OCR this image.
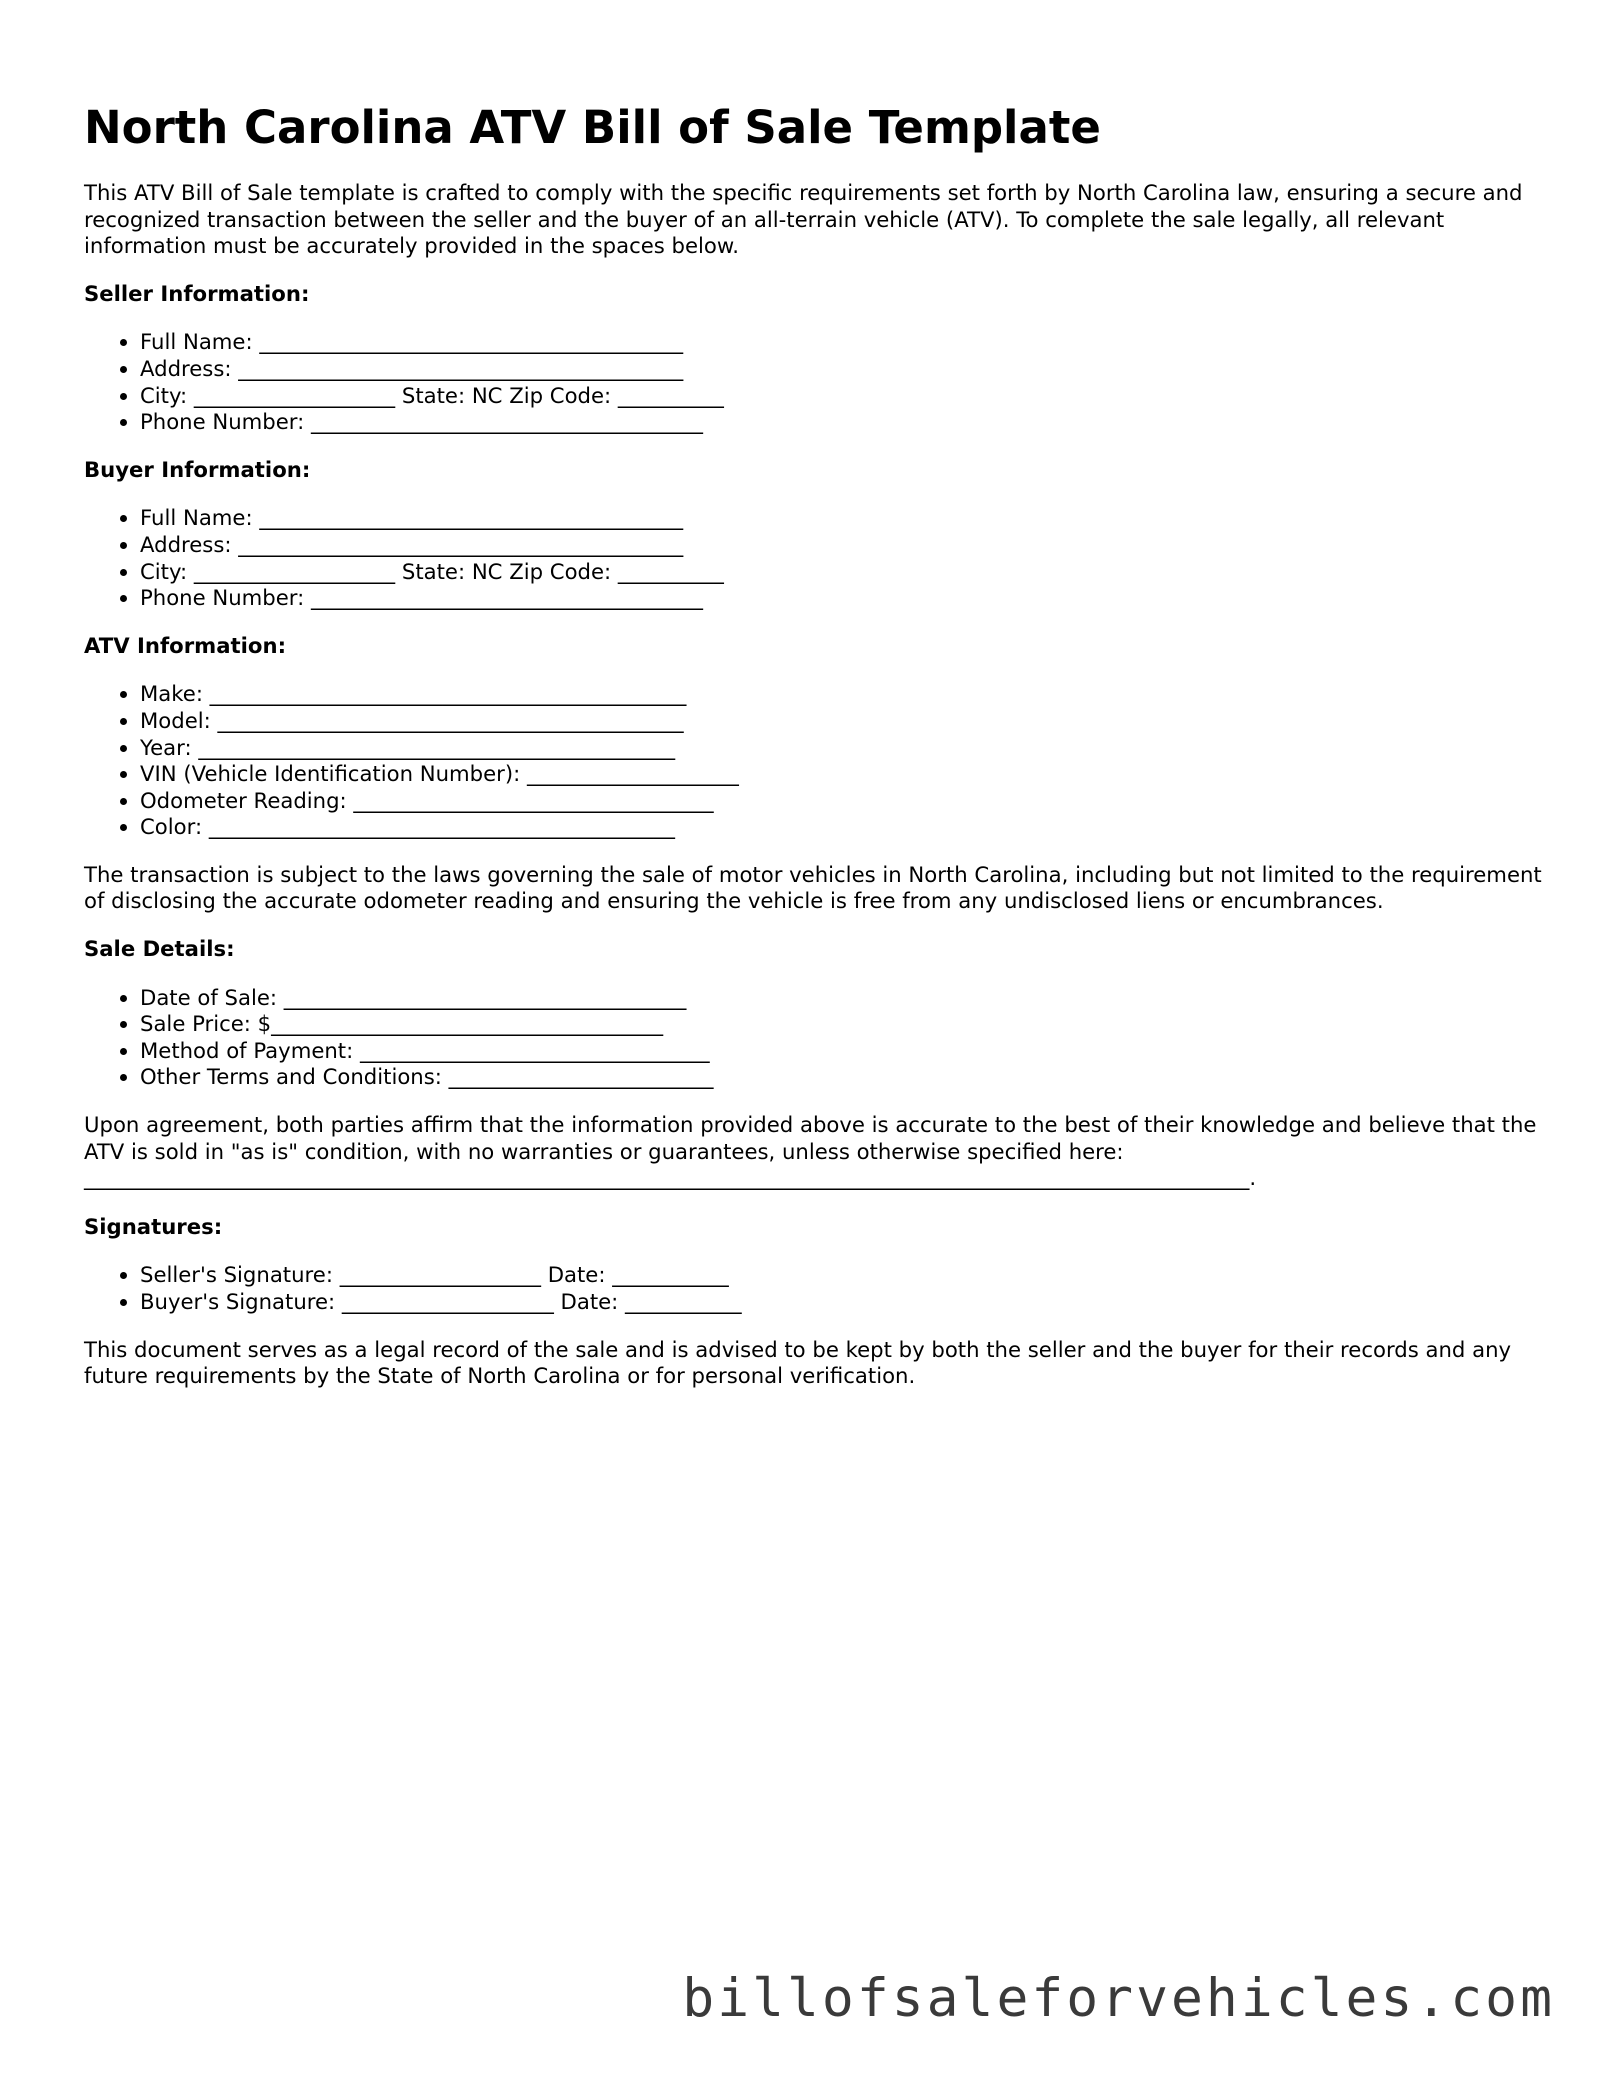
North Carolina ATV Bill of Sale Template

This ATV Bill of Sale template is crafted to comply with the specific requirements set forth by North Carolina law, ensuring a secure and recognized transaction between the seller and the buyer of an all-terrain vehicle (ATV). To complete the sale legally, all relevant information must be accurately provided in the spaces below.

Seller Information:
• Full Name: ________________________________________
• Address: __________________________________________
• City: ___________________ State: NC Zip Code: __________
• Phone Number: _____________________________________
Buyer Information:
• Full Name: ________________________________________
• Address: __________________________________________
• City: ___________________ State: NC Zip Code: __________
• Phone Number: _____________________________________
ATV Information:
• Make: _____________________________________________
• Model: ____________________________________________
• Year: _____________________________________________
• VIN (Vehicle Identification Number): ____________________
• Odometer Reading: __________________________________
• Color: ____________________________________________

The transaction is subject to the laws governing the sale of motor vehicles in North Carolina, including but not limited to the requirement of disclosing the accurate odometer reading and ensuring the vehicle is free from any undisclosed liens or encumbrances.

Sale Details:
• Date of Sale: ______________________________________
• Sale Price: $_____________________________________
• Method of Payment: _________________________________
• Other Terms and Conditions: _________________________

Upon agreement, both parties affirm that the information provided above is accurate to the best of their knowledge and believe that the ATV is sold in "as is" condition, with no warranties or guarantees, unless otherwise specified here:
______________________________________________________________________________________________________________.

Signatures:
• Seller's Signature: ___________________ Date: ___________
• Buyer's Signature: ____________________ Date: ___________

This document serves as a legal record of the sale and is advised to be kept by both the seller and the buyer for their records and any future requirements by the State of North Carolina or for personal verification.

billofsaleforvehicles.com
